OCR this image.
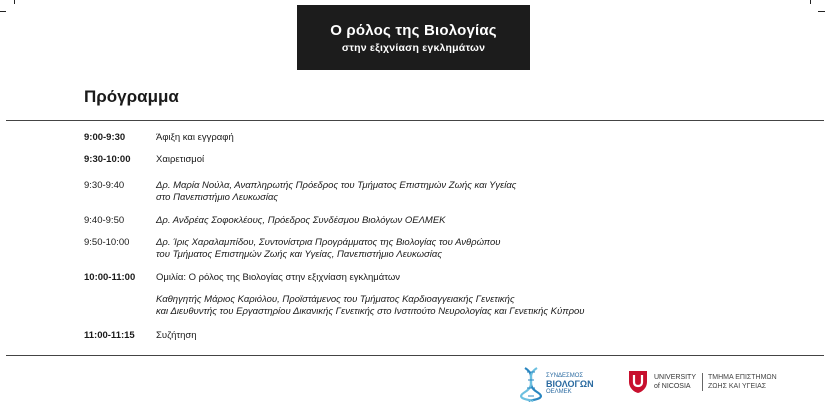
Ο ρόλος της Βιολογίας
στην εξιχνίαση εγκλημάτων
Πρόγραμμα
9:00-9:30	Άφιξη και εγγραφή
9:30-10:00	Χαιρετισμοί
9:30-9:40	Δρ. Μαρία Νούλα, Αναπληρωτής Πρόεδρος του Τμήματος Επιστημών Ζωής και Υγείας
στο Πανεπιστήμιο Λευκωσίας
9:40-9:50	Δρ. Ανδρέας Σοφοκλέους, Πρόεδρος Συνδέσμου Βιολόγων ΟΕΛΜΕΚ
9:50-10:00	Δρ. Ίρις Χαραλαμπίδου, Συντονίστρια Προγράμματος της Βιολογίας του Ανθρώπου
του Τμήματος Επιστημών Ζωής και Υγείας, Πανεπιστήμιο Λευκωσίας
10:00-11:00	Ομιλία: Ο ρόλος της Βιολογίας στην εξιχνίαση εγκλημάτων
Καθηγητής Μάριος Καριόλου, Προϊστάμενος του Τμήματος Καρδιοαγγειακής Γενετικής
και Διευθυντής του Εργαστηρίου Δικανικής Γενετικής στο Ινστιτούτο Νευρολογίας και Γενετικής Κύπρου
11:00-11:15	Συζήτηση
ΣΥΝΔΕΣΜΟΣ
ΒΙΟΛΟΓΩΝ
ΟΕΛΜΕΚ
UNIVERSITY
of NICOSIA
ΤΜΗΜΑ ΕΠΙΣΤΗΜΩΝ
ΖΩΗΣ ΚΑΙ ΥΓΕΙΑΣ
